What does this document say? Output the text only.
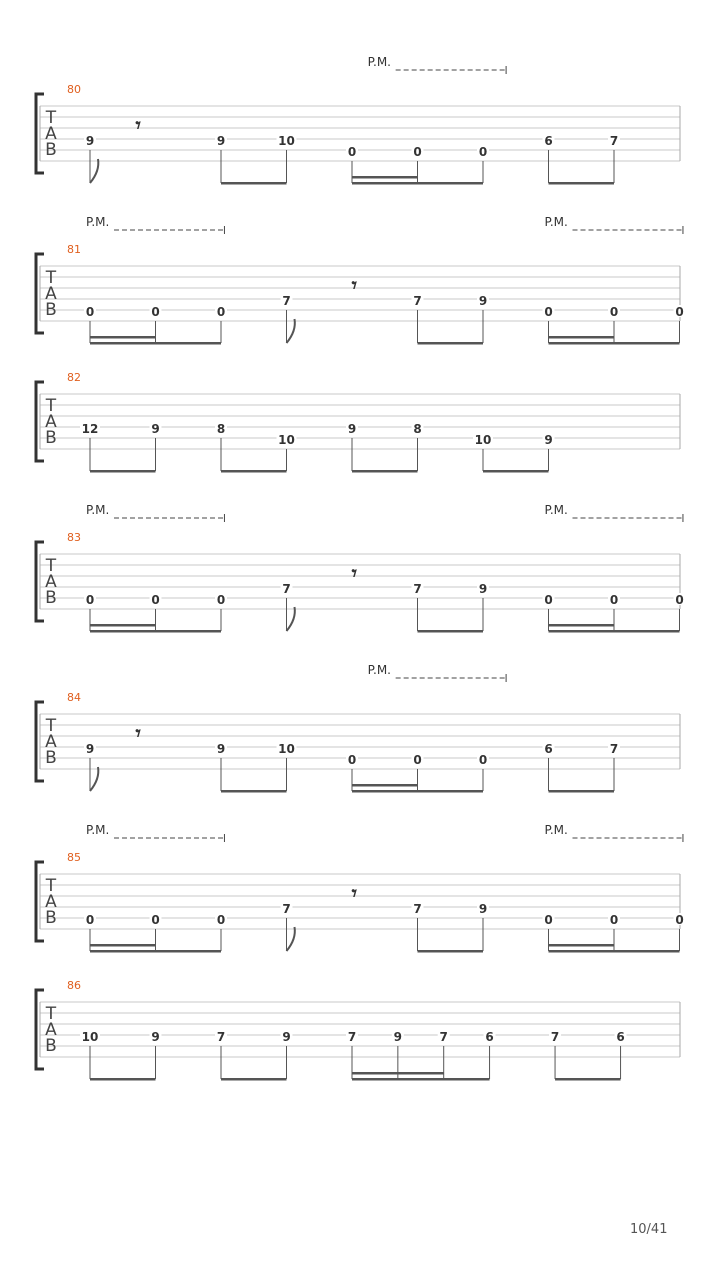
T
A
B
80
P.M.
𝄾
9	9	10
0	0	0
6	7
T
A
B
81
P.M.	P.M.
𝄾
0	0	0
7	7	9
0	0	0
T
A
B
82
12	9	8
10
9	8
10	9
T
A
B
83
P.M.	P.M.
𝄾
0	0	0
7	7	9
0	0	0
T
A
B
84
P.M.
𝄾
9	9	10
0	0	0
6	7
T
A
B
85
P.M.	P.M.
𝄾
0	0	0
7	7	9
0	0	0
T
A
B
86
10	9	7	9	7	9	7	6	7	6
10/41
